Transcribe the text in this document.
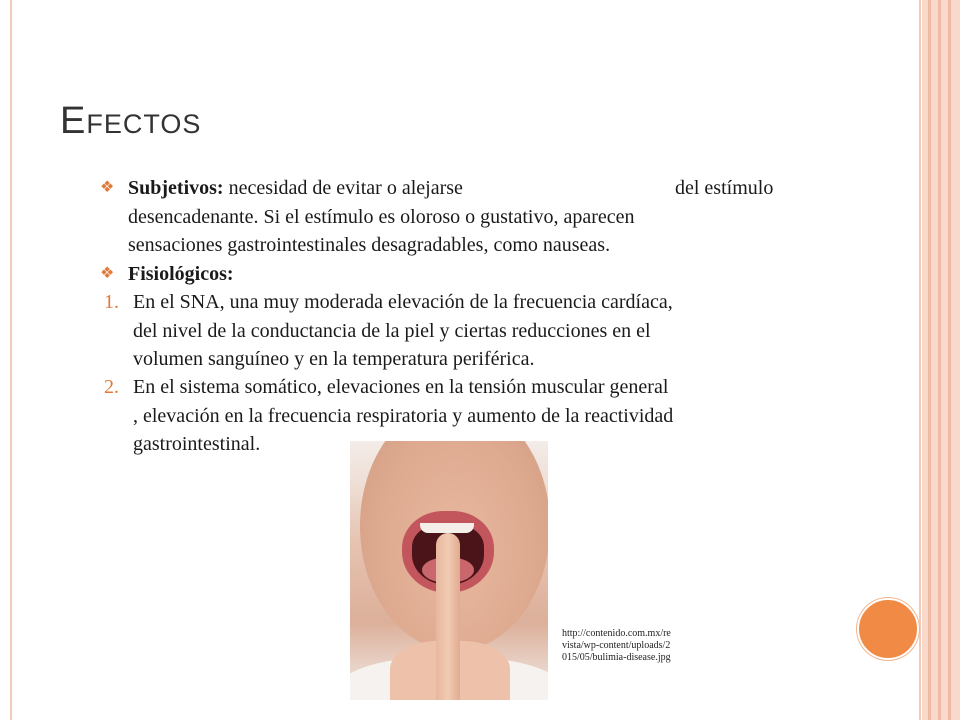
Efectos
❖ Subjetivos: necesidad de evitar o alejarse	del estímulo
desencadenante. Si el estímulo es oloroso o gustativo, aparecen
sensaciones gastrointestinales desagradables, como nauseas.
❖ Fisiológicos:
1. En el SNA, una muy moderada elevación de la frecuencia cardíaca,
del nivel de la conductancia de la piel y ciertas reducciones en el
volumen sanguíneo y en la temperatura periférica.
2. En el sistema somático, elevaciones en la tensión muscular general
, elevación en la frecuencia respiratoria y aumento de la reactividad
gastrointestinal.
http://contenido.com.mx/revista/wp-content/uploads/2015/05/bulimia-disease.jpg
